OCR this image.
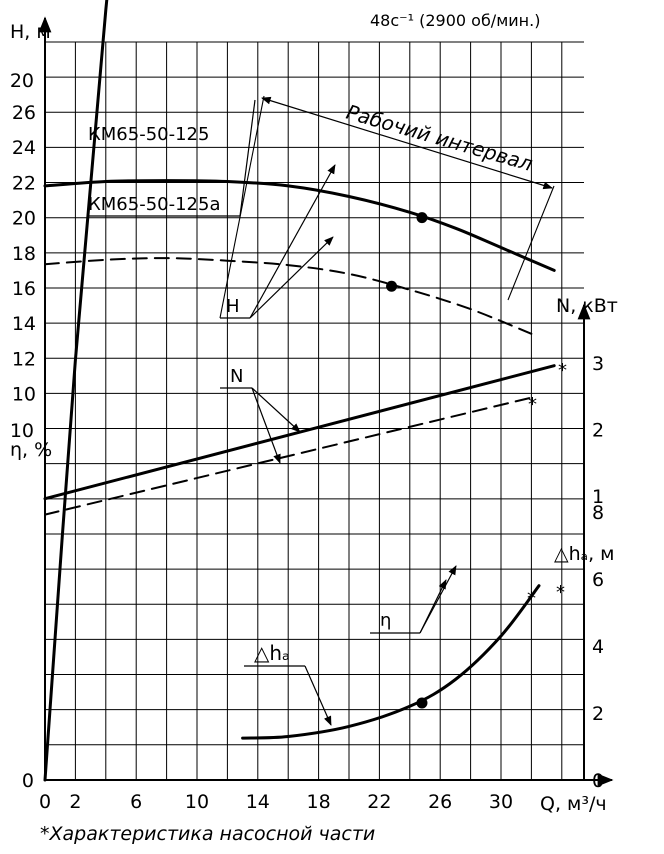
10
12
14
16
18
20
22
24
26
0
10
20
1
2
3
0
2
4
6
8
0 2	6 10 14 18 22 26 30
48c⁻¹ (2900 об/мин.)
H, м
N, кВт
η, %
△hₐ, м
Q, м³/ч
*Характеристика насосной части
КМ65-50-125
КМ65-50-125a
Рабочий интервал
H
N
η
△hₐ
*
*
*
*
